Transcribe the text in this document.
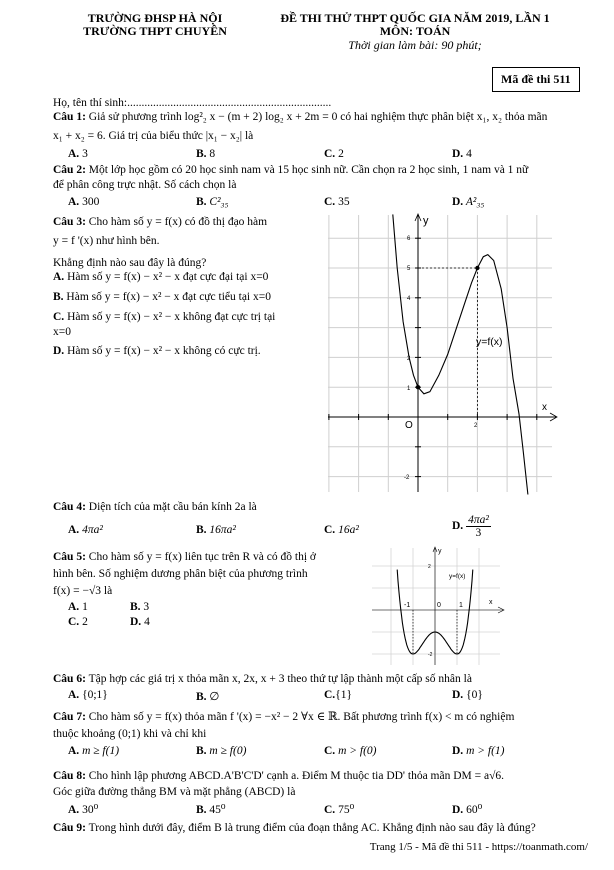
TRƯỜNG ĐHSP HÀ NỘI
TRƯỜNG THPT CHUYÊN
ĐỀ THI THỬ THPT QUỐC GIA NĂM 2019, LẦN 1
MÔN: TOÁN
Thời gian làm bài: 90 phút;
Mã đề thi 511
Họ, tên thí sinh:.......................................................................
Câu 1: Giả sử phương trình log²₂ x − (m + 2) log₂ x + 2m = 0 có hai nghiệm thực phân biệt x₁, x₂ thỏa mãn
x₁ + x₂ = 6. Giá trị của biểu thức |x₁ − x₂| là
A. 3	B. 8	C. 2	D. 4
Câu 2: Một lớp học gồm có 20 học sinh nam và 15 học sinh nữ. Cần chọn ra 2 học sinh, 1 nam và 1 nữ
để phân công trực nhật. Số cách chọn là
A. 300	B. C²₃₅	C. 35	D. A²₃₅
Câu 3: Cho hàm số y = f(x) có đồ thị đạo hàm
y = f '(x) như hình bên.
Khẳng định nào sau đây là đúng?
A. Hàm số y = f(x) − x² − x đạt cực đại tại x=0
B. Hàm số y = f(x) − x² − x đạt cực tiểu tại x=0
C. Hàm số y = f(x) − x² − x không đạt cực trị tại
x=0
D. Hàm số y = f(x) − x² − x không có cực trị.
y
x
O
y=f(x)
6
5
4
2
1
-2
2
y
x
y=f(x)
2
-2
-1	0	1
Câu 4: Diện tích của mặt cầu bán kính 2a là
A. 4πa²	B. 16πa²	C. 16a²	D. $\frac{\text{4πa²}}{3}$
Câu 5: Cho hàm số y = f(x) liên tục trên R và có đồ thị ở
hình bên. Số nghiệm dương phân biệt của phương trình
f(x) = −√3 là
A. 1	B. 3
C. 2	D. 4
Câu 6: Tập hợp các giá trị x thỏa mãn x, 2x, x + 3 theo thứ tự lập thành một cấp số nhân là
A. {0;1}	B. ∅	C.{1}	D. {0}
Câu 7: Cho hàm số y = f(x) thỏa mãn f '(x) = −x² − 2 ∀x ∈ ℝ. Bất phương trình f(x) < m có nghiệm
thuộc khoảng (0;1) khi và chỉ khi
A. m ≥ f(1)	B. m ≥ f(0)	C. m > f(0)	D. m > f(1)
Câu 8: Cho hình lập phương ABCD.A'B'C'D' cạnh a. Điểm M thuộc tia DD' thỏa mãn DM = a√6.
Góc giữa đường thẳng BM và mặt phẳng (ABCD) là
A. 30⁰	B. 45⁰	C. 75⁰	D. 60⁰
Câu 9: Trong hình dưới đây, điểm B là trung điểm của đoạn thẳng AC. Khẳng định nào sau đây là đúng?
Trang 1/5 - Mã đề thi 511 - https://toanmath.com/
